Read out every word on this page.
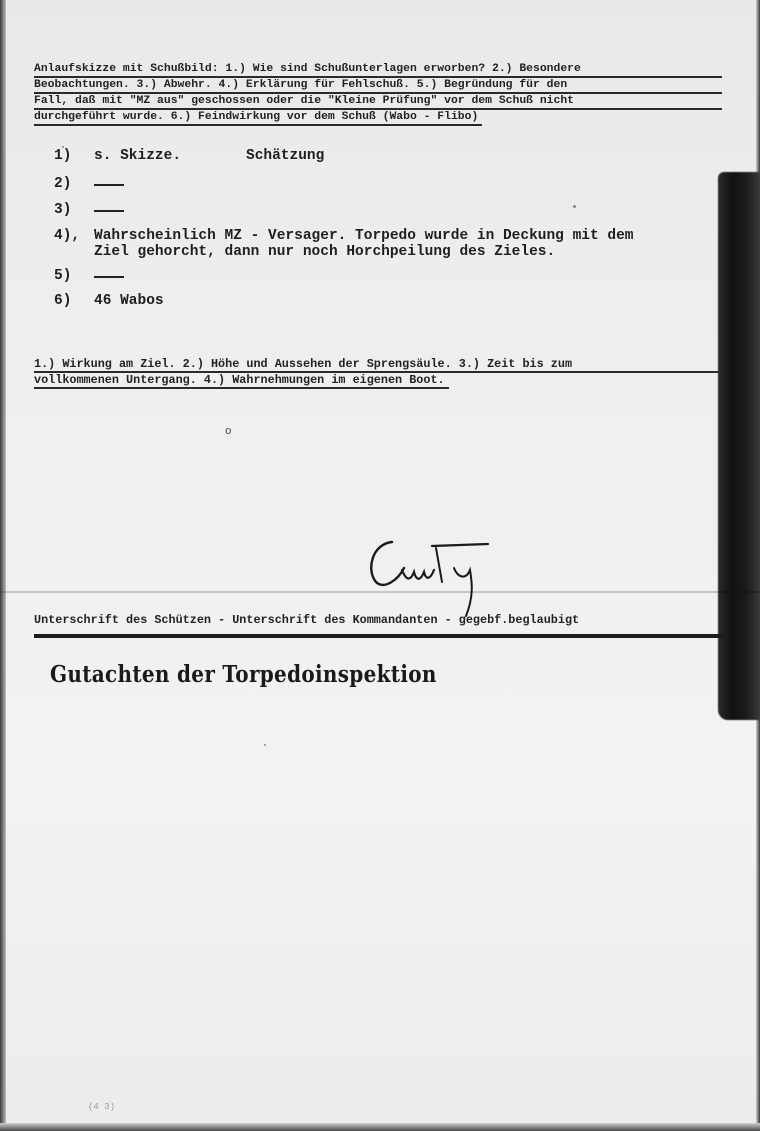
Anlaufskizze mit Schußbild: 1.) Wie sind Schußunterlagen erworben? 2.) Besondere
Beobachtungen. 3.) Abwehr. 4.) Erklärung für Fehlschuß. 5.) Begründung für den
Fall, daß mit "MZ aus" geschossen oder die "Kleine Prüfung" vor dem Schuß nicht
durchgeführt wurde. 6.) Feindwirkung vor dem Schuß (Wabo - Flibo)
1)	s. Skizze.	Schätzung
2)
3)
4), Wahrscheinlich MZ - Versager. Torpedo wurde in Deckung mit dem
Ziel gehorcht, dann nur noch Horchpeilung des Zieles.
5)
6)	46 Wabos
1.) Wirkung am Ziel. 2.) Höhe und Aussehen der Sprengsäule. 3.) Zeit bis zum
vollkommenen Untergang. 4.) Wahrnehmungen im eigenen Boot.
o
Unterschrift des Schützen - Unterschrift des Kommandanten - gegebf.beglaubigt
Gutachten der Torpedoinspektion
(4 3)
